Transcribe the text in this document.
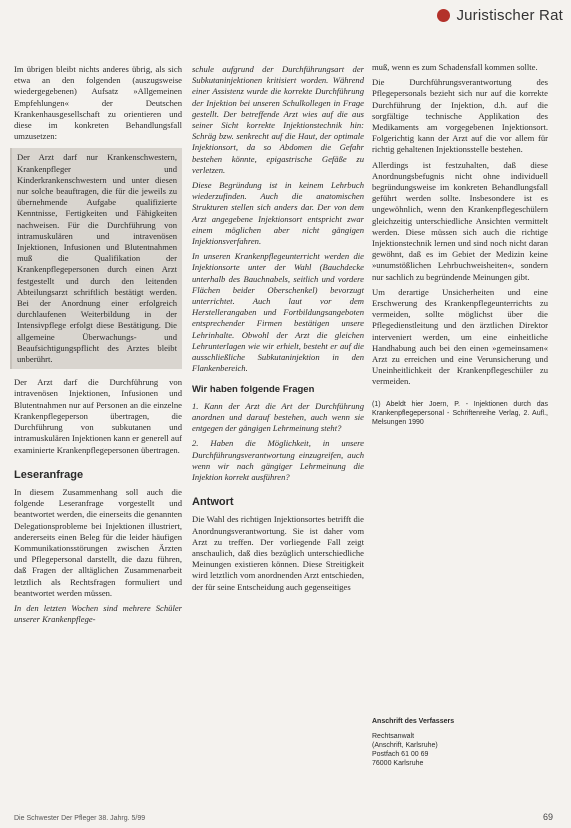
Juristischer Rat

Im übrigen bleibt nichts anderes übrig, als sich etwa an den folgenden (auszugsweise wiedergegebenen) Aufsatz »Allgemeinen Empfehlungen« der Deutschen Krankenhausgesellschaft zu orientieren und diese im konkreten Behandlungsfall umzusetzen:

Der Arzt darf nur Krankenschwestern, Krankenpfleger und Kinderkrankenschwestern und unter diesen nur solche beauftragen, die für die jeweils zu übernehmende Aufgabe qualifizierte Kenntnisse, Fertigkeiten und Fähigkeiten nachweisen. Für die Durchführung von intramuskulären und intravenösen Injektionen, Infusionen und Blutentnahmen muß die Qualifikation der Krankenpflegepersonen durch einen Arzt festgestellt und durch den leitenden Abteilungsarzt schriftlich bestätigt werden. Bei der Anordnung einer erfolgreich durchlaufenen Weiterbildung in der Intensivpflege erfolgt diese Bestätigung. Die allgemeine Überwachungs- und Beaufsichtigungspflicht des Arztes bleibt unberührt.

Der Arzt darf die Durchführung von intravenösen Injektionen, Infusionen und Blutentnahmen nur auf Personen an die einzelne Krankenpflegeperson übertragen, die Durchführung von subkutanen und intramuskulären Injektionen kann er generell auf examinierte Krankenpflegepersonen übertragen.

Leseranfrage

In diesem Zusammenhang soll auch die folgende Leseranfrage vorgestellt und beantwortet werden, die einerseits die genannten Delegationsprobleme bei Injektionen illustriert, andererseits einen Beleg für die leider häufigen Kommunikationsstörungen zwischen Ärzten und Pflegepersonal darstellt, die dazu führen, daß Fragen der alltäglichen Zusammenarbeit letztlich als Rechtsfragen formuliert und beantwortet werden müssen.

In den letzten Wochen sind mehrere Schüler unserer Krankenpflege-

schule aufgrund der Durchführungsart der Subkutaninjektionen kritisiert worden. Während einer Assistenz wurde die korrekte Durchführung der Injektion bei unseren Schulkollegen in Frage gestellt. Der betreffende Arzt wies auf die aus seiner Sicht korrekte Injektionstechnik hin: Schräg bzw. senkrecht auf die Haut, der optimale Injektionsort, da so Abdomen die Gefahr bestehen könnte, epigastrische Gefäße zu verletzen.

Diese Begründung ist in keinem Lehrbuch wiederzufinden. Auch die anatomischen Strukturen stellen sich anders dar. Der von dem Arzt angegebene Injektionsort entspricht zwar einem möglichen aber nicht gängigen Injektionsverfahren.

In unseren Krankenpflegeunterricht werden die Injektionsorte unter der Wahl (Bauchdecke unterhalb des Bauchnabels, seitlich und vordere Flächen beider Oberschenkel) bevorzugt unterrichtet. Auch laut vor dem Herstellerangaben und Fortbildungsangeboten entsprechender Firmen bestätigen unsere Lehrinhalte. Obwohl der Arzt die gleichen Lehrunterlagen wie wir erhielt, besteht er auf die ausschließliche Subkutaninjektion in den Flankenbereich.

Wir haben folgende Fragen

1. Kann der Arzt die Art der Durchführung anordnen und darauf bestehen, auch wenn sie entgegen der gängigen Lehrmeinung steht?

2. Haben die Möglichkeit, in unsere Durchführungsverantwortung einzugreifen, auch wenn wir nach gängiger Lehrmeinung die Injektion korrekt ausführen?

Antwort

Die Wahl des richtigen Injektionsortes betrifft die Anordnungsverantwortung. Sie ist daher vom Arzt zu treffen. Der vorliegende Fall zeigt anschaulich, daß dies bezüglich unterschiedliche Meinungen existieren können. Diese Streitigkeit wird letztlich vom anordnenden Arzt entschieden, der für seine Entscheidung auch gegenseitiges

muß, wenn es zum Schadensfall kommen sollte.

Die Durchführungsverantwortung des Pflegepersonals bezieht sich nur auf die korrekte Durchführung der Injektion, d.h. auf die sorgfältige technische Applikation des Medikaments am vorgegebenen Injektionsort. Folgerichtig kann der Arzt auf die vor allem für richtig gehaltenen Injektionsstelle bestehen.

Allerdings ist festzuhalten, daß diese Anordnungsbefugnis nicht ohne individuell begründungsweise im konkreten Behandlungsfall geführt werden sollte. Insbesondere ist es ungewöhnlich, wenn den Krankenpflegeschülern gleichzeitig unterschiedliche Ansichten vermittelt werden. Diese müssen sich auch die richtige Injektionstechnik lernen und sind noch nicht daran gewöhnt, daß es im Gebiet der Medizin keine »unumstößlichen Lehrbuchweisheiten«, sondern nur sachlich zu begründende Meinungen gibt.

Um derartige Unsicherheiten und eine Erschwerung des Krankenpflegeunterrichts zu vermeiden, sollte möglichst über die Pflegedienstleitung und den ärztlichen Direktor interveniert werden, um eine einheitliche Handhabung auch bei den einen »gemeinsamen« Arzt zu erreichen und eine Verunsicherung und Uneinheitlichkeit der Krankenpflegeschüler zu vermeiden.

(1) Abeldt hier Joern, P. - Injektionen durch das Krankenpflegepersonal - Schriftenreihe Verlag, 2. Aufl., Melsungen 1990
Anschrift des Verfassers
Rechtsanwalt
(Anschrift, Karlsruhe)
Postfach 61 00 69
76000 Karlsruhe
Die Schwester Der Pfleger 38. Jahrg. 5/99	69
